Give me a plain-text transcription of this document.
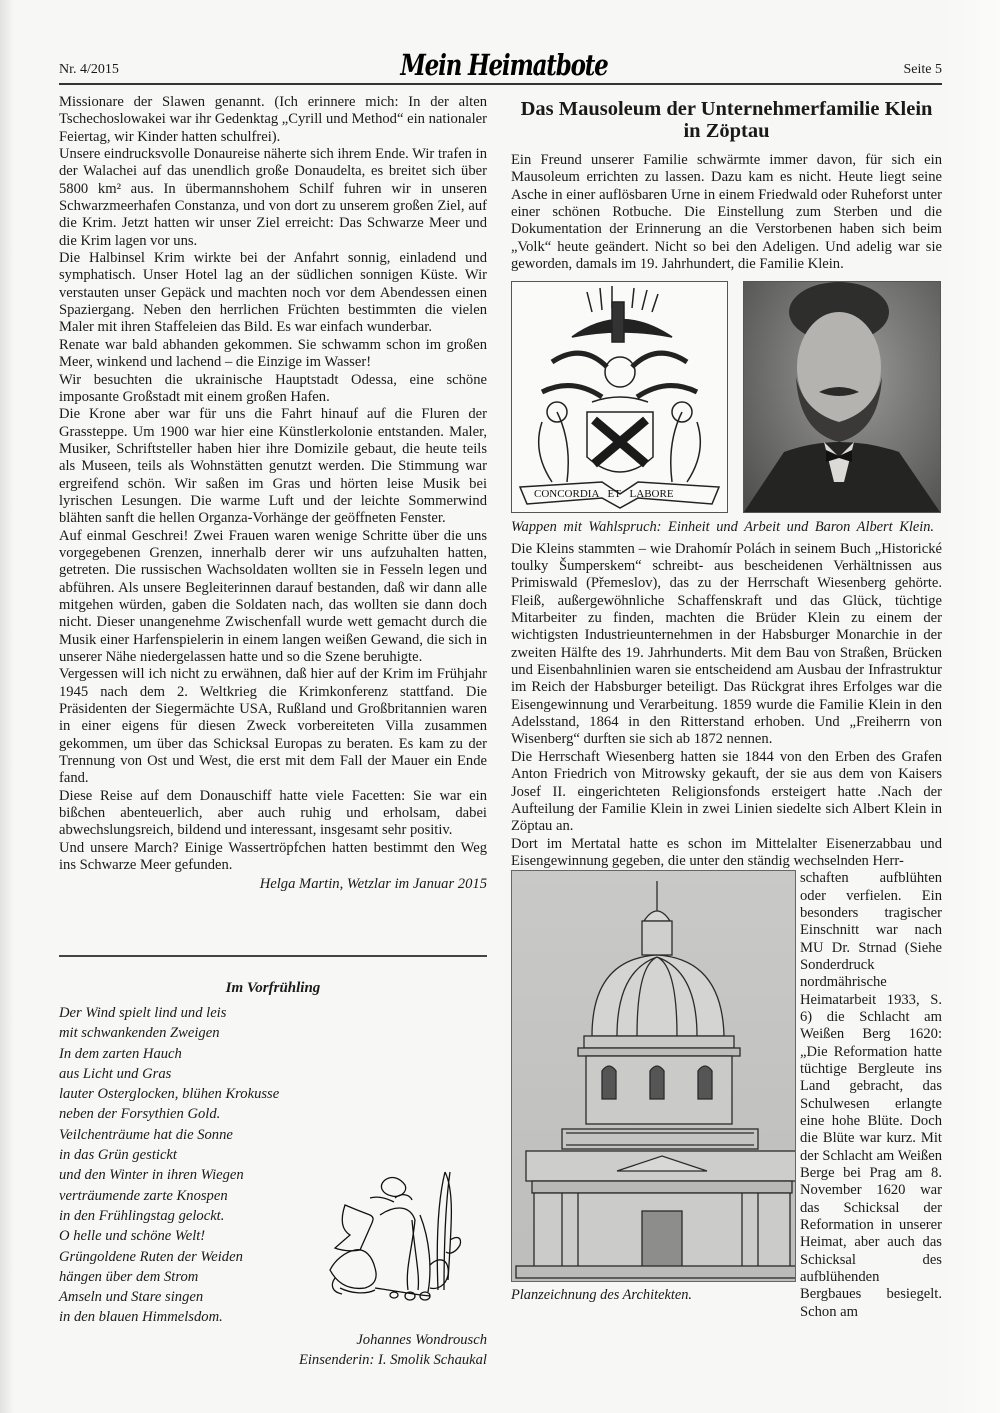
Nr. 4/2015	Mein Heimatbote	Seite 5

Missionare der Slawen genannt. (Ich erinnere mich: In der alten Tschechoslowakei war ihr Gedenktag „Cyrill und Method“ ein nationaler Feiertag, wir Kinder hatten schulfrei).

Unsere eindrucksvolle Donaureise näherte sich ihrem Ende. Wir trafen in der Walachei auf das unendlich große Donaudelta, es breitet sich über 5800 km² aus. In übermannshohem Schilf fuhren wir in unseren Schwarzmeerhafen Constanza, und von dort zu unserem großen Ziel, auf die Krim. Jetzt hatten wir unser Ziel erreicht: Das Schwarze Meer und die Krim lagen vor uns.

Die Halbinsel Krim wirkte bei der Anfahrt sonnig, einladend und symphatisch. Unser Hotel lag an der südlichen sonnigen Küste. Wir verstauten unser Gepäck und machten noch vor dem Abendessen einen Spaziergang. Neben den herrlichen Früchten bestimmten die vielen Maler mit ihren Staffeleien das Bild. Es war einfach wunderbar.

Renate war bald abhanden gekommen. Sie schwamm schon im großen Meer, winkend und lachend – die Einzige im Wasser!

Wir besuchten die ukrainische Hauptstadt Odessa, eine schöne imposante Großstadt mit einem großen Hafen.

Die Krone aber war für uns die Fahrt hinauf auf die Fluren der Grassteppe. Um 1900 war hier eine Künstlerkolonie entstanden. Maler, Musiker, Schriftsteller haben hier ihre Domizile gebaut, die heute teils als Museen, teils als Wohnstätten genutzt werden. Die Stimmung war ergreifend schön. Wir saßen im Gras und hörten leise Musik bei lyrischen Lesungen. Die warme Luft und der leichte Sommerwind blähten sanft die hellen Organza-Vorhänge der geöffneten Fenster.

Auf einmal Geschrei! Zwei Frauen waren wenige Schritte über die uns vorgegebenen Grenzen, innerhalb derer wir uns aufzuhalten hatten, getreten. Die russischen Wachsoldaten wollten sie in Fesseln legen und abführen. Als unsere Begleiterinnen darauf bestanden, daß wir dann alle mitgehen würden, gaben die Soldaten nach, das wollten sie dann doch nicht. Dieser unangenehme Zwischenfall wurde wett gemacht durch die Musik einer Harfenspielerin in einem langen weißen Gewand, die sich in unserer Nähe niedergelassen hatte und so die Szene beruhigte.

Vergessen will ich nicht zu erwähnen, daß hier auf der Krim im Frühjahr 1945 nach dem 2. Weltkrieg die Krimkonferenz stattfand. Die Präsidenten der Siegermächte USA, Rußland und Großbritannien waren in einer eigens für diesen Zweck vorbereiteten Villa zusammen gekommen, um über das Schicksal Europas zu beraten. Es kam zu der Trennung von Ost und West, die erst mit dem Fall der Mauer ein Ende fand.

Diese Reise auf dem Donauschiff hatte viele Facetten: Sie war ein bißchen abenteuerlich, aber auch ruhig und erholsam, dabei abwechslungsreich, bildend und interessant, insgesamt sehr positiv.

Und unsere March? Einige Wassertröpfchen hatten bestimmt den Weg ins Schwarze Meer gefunden.

Helga Martin, Wetzlar im Januar 2015

Im Vorfrühling
Der Wind spielt lind und leis
mit schwankenden Zweigen
In dem zarten Hauch
aus Licht und Gras
lauter Osterglocken, blühen Krokusse
neben der Forsythien Gold.
Veilchenträume hat die Sonne
in das Grün gestickt
und den Winter in ihren Wiegen
verträumende zarte Knospen
in den Frühlingstag gelockt.
O helle und schöne Welt!
Grüngoldene Ruten der Weiden
hängen über dem Strom
Amseln und Stare singen
in den blauen Himmelsdom.
Johannes Wondrousch
Einsenderin: I. Smolik Schaukal
Das Mausoleum der Unternehmerfamilie Klein
in Zöptau

Ein Freund unserer Familie schwärmte immer davon, für sich ein Mausoleum errichten zu lassen. Dazu kam es nicht. Heute liegt seine Asche in einer auflösbaren Urne in einem Friedwald oder Ruheforst unter einer schönen Rotbuche. Die Einstellung zum Sterben und die Dokumentation der Erinnerung an die Verstorbenen haben sich beim „Volk“ heute geändert. Nicht so bei den Adeligen. Und adelig war sie geworden, damals im 19. Jahrhundert, die Familie Klein.

CONCORDIA ET LABORE

Wappen mit Wahlspruch: Einheit und Arbeit und Baron Albert Klein.

Die Kleins stammten – wie Drahomír Polách in seinem Buch „Historické toulky Šumperskem“ schreibt- aus bescheidenen Verhältnissen aus Primiswald (Přemeslov), das zu der Herrschaft Wiesenberg gehörte. Fleiß, außergewöhnliche Schaffenskraft und das Glück, tüchtige Mitarbeiter zu finden, machten die Brüder Klein zu einem der wichtigsten Industrieunternehmen in der Habsburger Monarchie in der zweiten Hälfte des 19. Jahrhunderts. Mit dem Bau von Straßen, Brücken und Eisenbahnlinien waren sie entscheidend am Ausbau der Infrastruktur im Reich der Habsburger beteiligt. Das Rückgrat ihres Erfolges war die Eisengewinnung und Verarbeitung. 1859 wurde die Familie Klein in den Adelsstand, 1864 in den Ritterstand erhoben. Und „Freiherrn von Wisenberg“ durften sie sich ab 1872 nennen.

Die Herrschaft Wiesenberg hatten sie 1844 von den Erben des Grafen Anton Friedrich von Mitrowsky gekauft, der sie aus dem von Kaisers Josef II. eingerichteten Religionsfonds ersteigert hatte .Nach der Aufteilung der Familie Klein in zwei Linien siedelte sich Albert Klein in Zöptau an.

Dort im Mertatal hatte es schon im Mittelalter Eisenerzabbau und Eisengewinnung gegeben, die unter den ständig wechselnden Herr-

Planzeichnung des Architekten.

schaften aufblühten oder verfielen. Ein besonders tragischer Einschnitt war nach MU Dr. Strnad (Siehe Sonderdruck nordmährische Heimatarbeit 1933, S. 6) die Schlacht am Weißen Berg 1620: „Die Reformation hatte tüchtige Bergleute ins Land gebracht, das Schulwesen erlangte eine hohe Blüte. Doch die Blüte war kurz. Mit der Schlacht am Weißen Berge bei Prag am 8. November 1620 war das Schicksal der Reformation in unserer Heimat, aber auch das Schicksal des aufblühenden Bergbaues besiegelt. Schon am
